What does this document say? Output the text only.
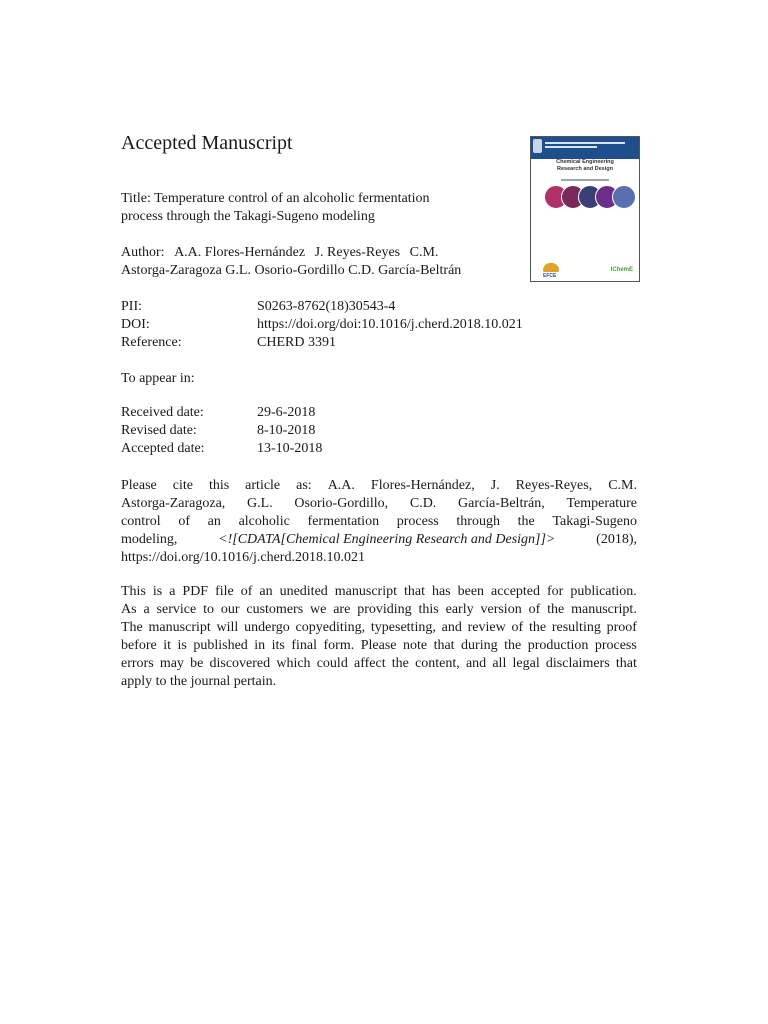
Accepted Manuscript
Title: Temperature control of an alcoholic fermentation
process through the Takagi-Sugeno modeling
Author: A.A. Flores-Hernández J. Reyes-Reyes C.M.
Astorga-Zaragoza G.L. Osorio-Gordillo C.D. García-Beltrán
PII:	S0263-8762(18)30543-4
DOI:	https://doi.org/doi:10.1016/j.cherd.2018.10.021
Reference:	CHERD 3391
To appear in:
Received date:	29-6-2018
Revised date:	8-10-2018
Accepted date:	13-10-2018
Please cite this article as: A.A. Flores-Hernández, J. Reyes-Reyes, C.M.
Astorga-Zaragoza, G.L. Osorio-Gordillo, C.D. García-Beltrán, Temperature
control of an alcoholic fermentation process through the Takagi-Sugeno
modeling,	<![CDATA[Chemical Engineering Research and Design]]>	(2018),
https://doi.org/10.1016/j.cherd.2018.10.021
This is a PDF file of an unedited manuscript that has been accepted for publication.
As a service to our customers we are providing this early version of the manuscript.
The manuscript will undergo copyediting, typesetting, and review of the resulting proof
before it is published in its final form. Please note that during the production process
errors may be discovered which could affect the content, and all legal disclaimers that
apply to the journal pertain.
Chemical Engineering
Research and Design
EFCE
IChemE
